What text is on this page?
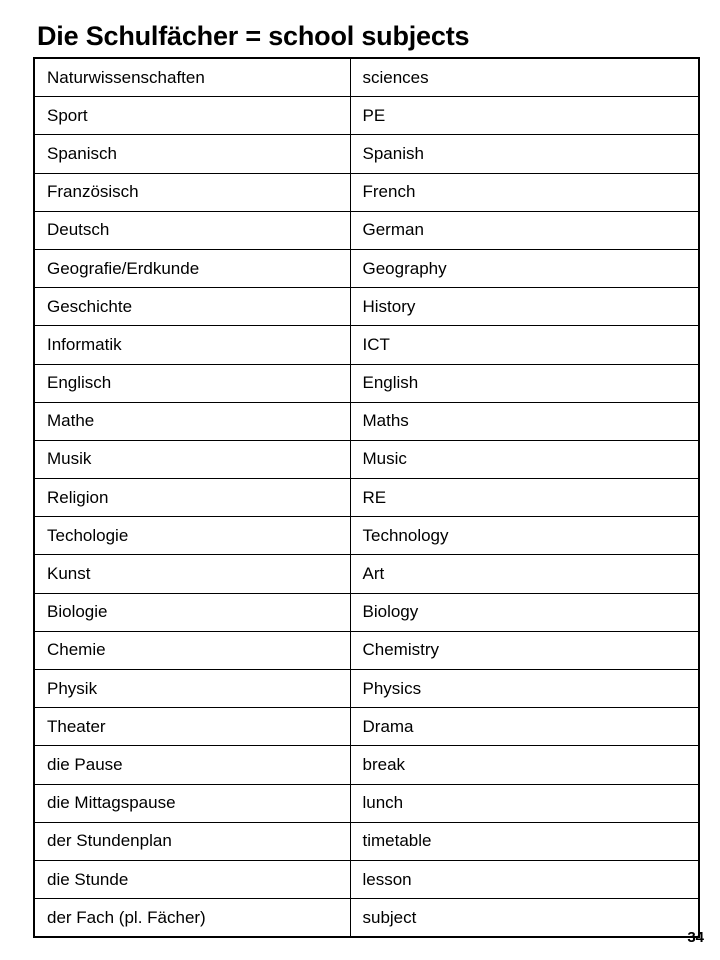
Die Schulfächer = school subjects
Naturwissenschaften	sciences
Sport	PE
Spanisch	Spanish
Französisch	French
Deutsch	German
Geografie/Erdkunde	Geography
Geschichte	History
Informatik	ICT
Englisch	English
Mathe	Maths
Musik	Music
Religion	RE
Techologie	Technology
Kunst	Art
Biologie	Biology
Chemie	Chemistry
Physik	Physics
Theater	Drama
die Pause	break
die Mittagspause	lunch
der Stundenplan	timetable
die Stunde	lesson
der Fach (pl. Fächer)	subject
34
